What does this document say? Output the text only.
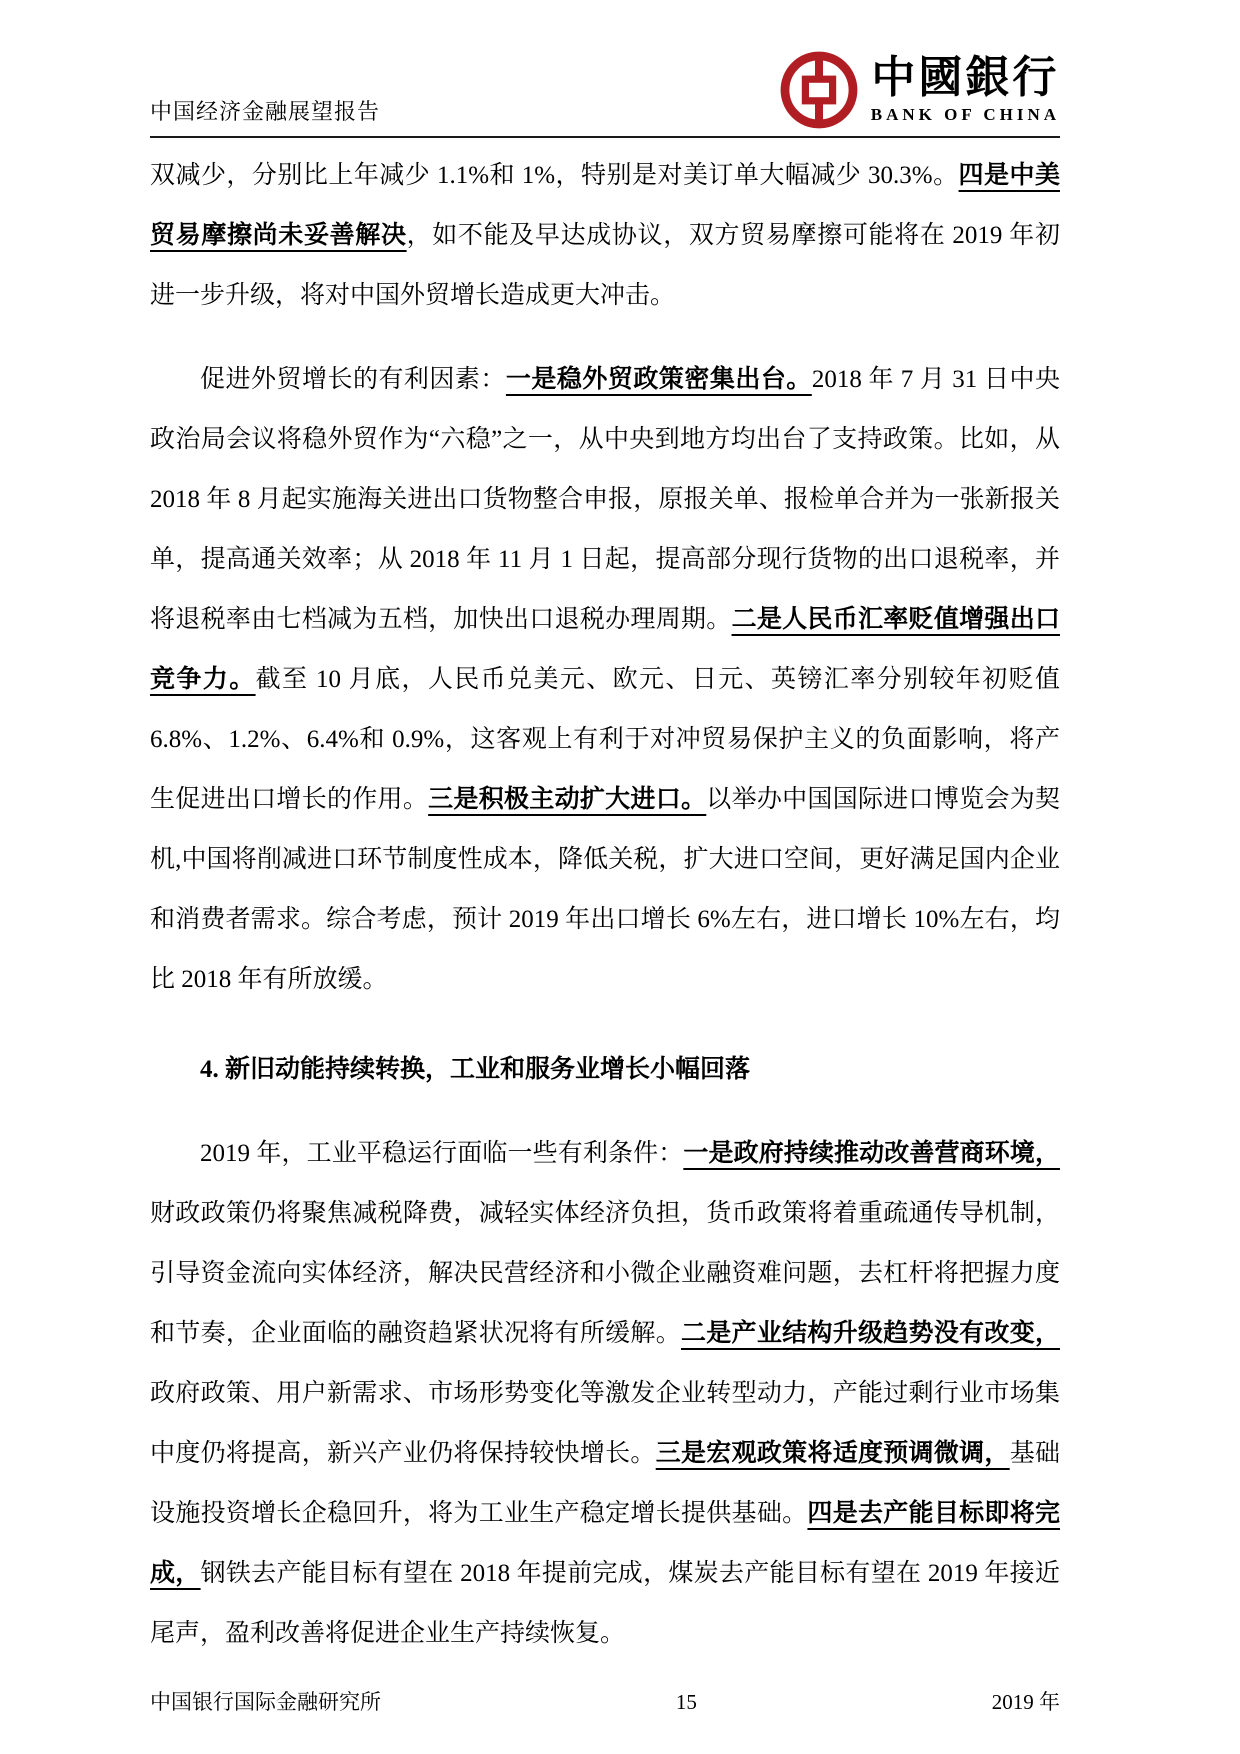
中国经济金融展望报告
中國銀行
BANK OF CHINA

双减少，分别比上年减少 1.1%和 1%，特别是对美订单大幅减少 30.3%。四是中美贸易摩擦尚未妥善解决，如不能及早达成协议，双方贸易摩擦可能将在 2019 年初进一步升级，将对中国外贸增长造成更大冲击。

促进外贸增长的有利因素：一是稳外贸政策密集出台。2018 年 7 月 31 日中央政治局会议将稳外贸作为“六稳”之一，从中央到地方均出台了支持政策。比如，从 2018 年 8 月起实施海关进出口货物整合申报，原报关单、报检单合并为一张新报关单，提高通关效率；从 2018 年 11 月 1 日起，提高部分现行货物的出口退税率，并将退税率由七档减为五档，加快出口退税办理周期。二是人民币汇率贬值增强出口竞争力。截至 10 月底，人民币兑美元、欧元、日元、英镑汇率分别较年初贬值 6.8%、1.2%、6.4%和 0.9%，这客观上有利于对冲贸易保护主义的负面影响，将产生促进出口增长的作用。三是积极主动扩大进口。以举办中国国际进口博览会为契机,中国将削减进口环节制度性成本，降低关税，扩大进口空间，更好满足国内企业和消费者需求。综合考虑，预计 2019 年出口增长 6%左右，进口增长 10%左右，均比 2018 年有所放缓。

4. 新旧动能持续转换，工业和服务业增长小幅回落

2019 年，工业平稳运行面临一些有利条件：一是政府持续推动改善营商环境，财政政策仍将聚焦减税降费，减轻实体经济负担，货币政策将着重疏通传导机制，引导资金流向实体经济，解决民营经济和小微企业融资难问题，去杠杆将把握力度和节奏，企业面临的融资趋紧状况将有所缓解。二是产业结构升级趋势没有改变，政府政策、用户新需求、市场形势变化等激发企业转型动力，产能过剩行业市场集中度仍将提高，新兴产业仍将保持较快增长。三是宏观政策将适度预调微调，基础设施投资增长企稳回升，将为工业生产稳定增长提供基础。四是去产能目标即将完成，钢铁去产能目标有望在 2018 年提前完成，煤炭去产能目标有望在 2019 年接近尾声，盈利改善将促进企业生产持续恢复。

中国银行国际金融研究所	15	2019 年
